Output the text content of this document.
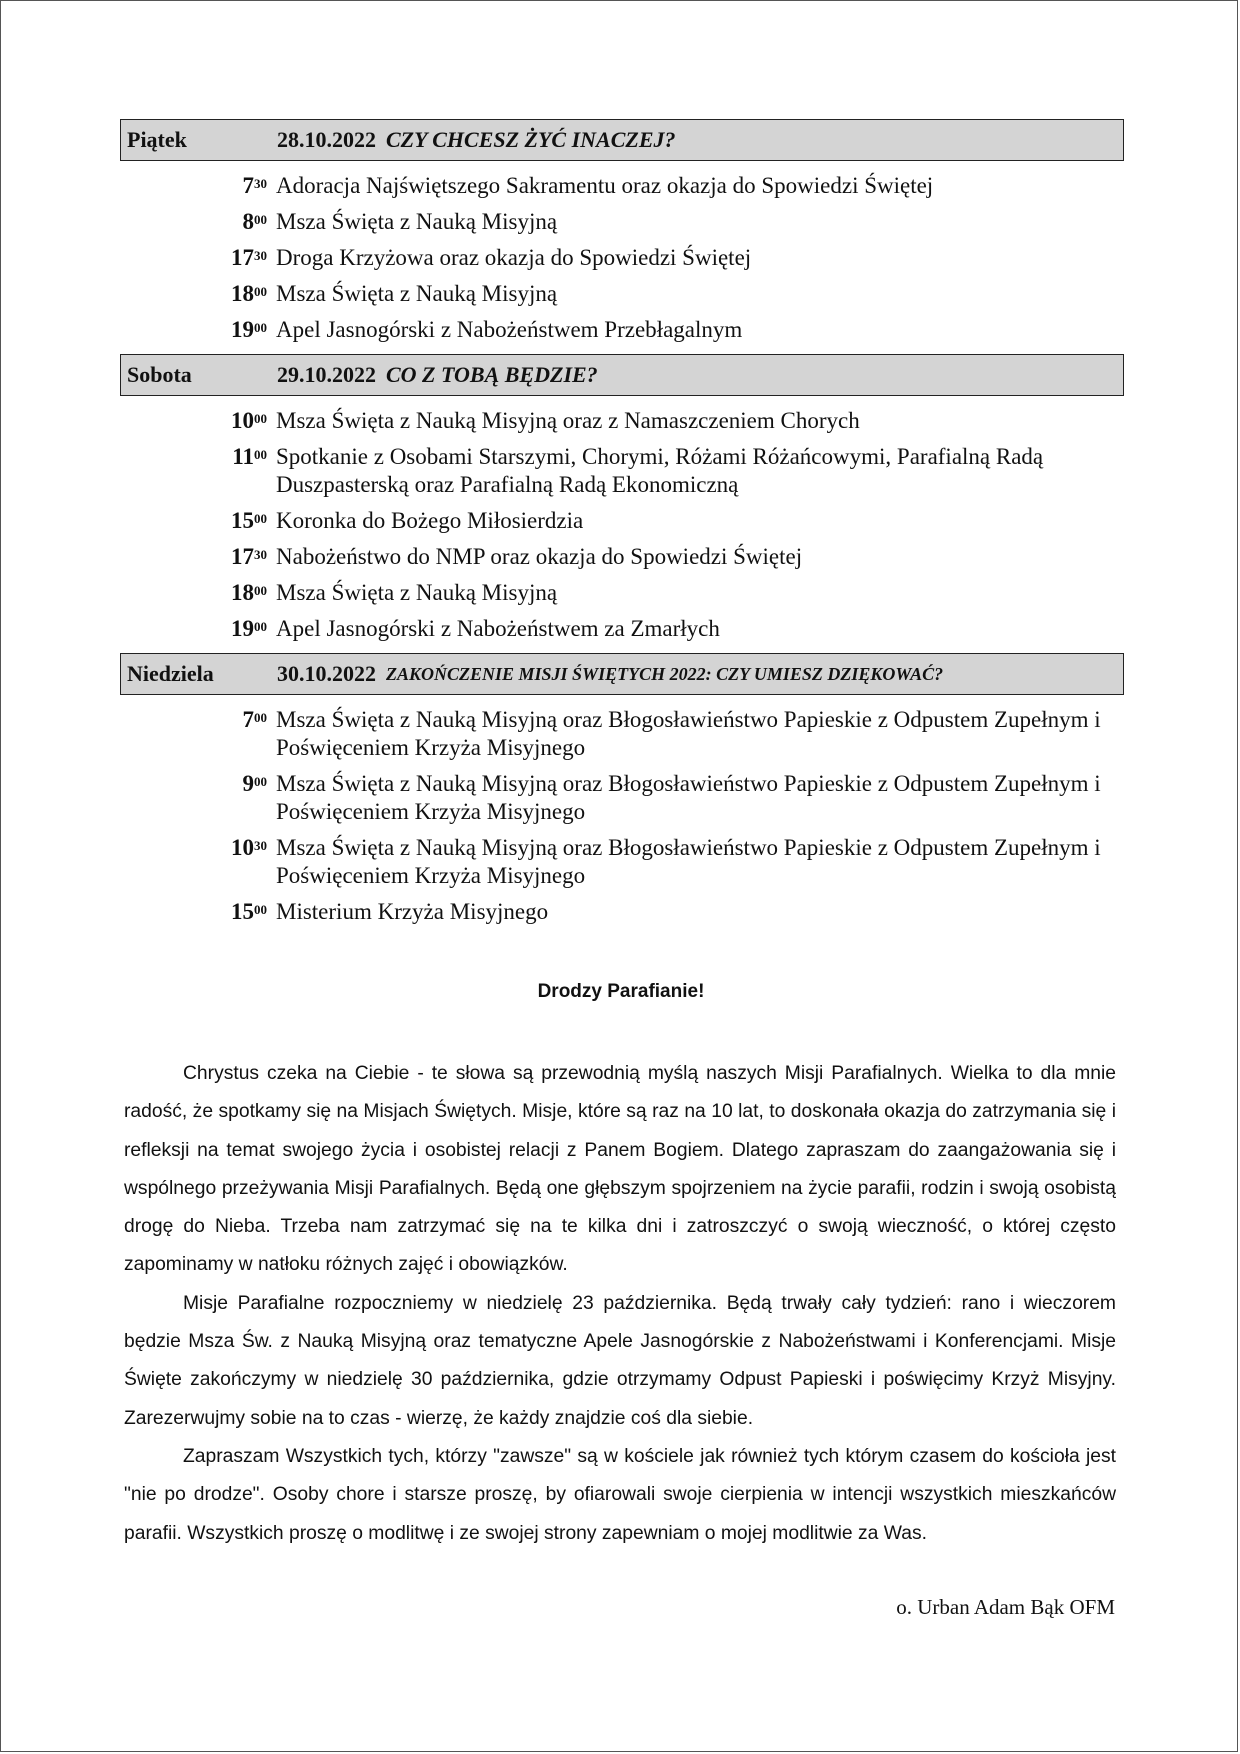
Piątek	28.10.2022 CZY CHCESZ ŻYĆ INACZEJ?
$7^{30}$ Adoracja Najświętszego Sakramentu oraz okazja do Spowiedzi Świętej
$8^{00}$ Msza Święta z Nauką Misyjną
$17^{30}$ Droga Krzyżowa oraz okazja do Spowiedzi Świętej
$18^{00}$ Msza Święta z Nauką Misyjną
$19^{00}$ Apel Jasnogórski z Nabożeństwem Przebłagalnym
Sobota	29.10.2022 CO Z TOBĄ BĘDZIE?
$10^{00}$ Msza Święta z Nauką Misyjną oraz z Namaszczeniem Chorych
$11^{00}$ Spotkanie z Osobami Starszymi, Chorymi, Różami Różańcowymi, Parafialną Radą Duszpasterską oraz Parafialną Radą Ekonomiczną
$15^{00}$ Koronka do Bożego Miłosierdzia
$17^{30}$ Nabożeństwo do NMP oraz okazja do Spowiedzi Świętej
$18^{00}$ Msza Święta z Nauką Misyjną
$19^{00}$ Apel Jasnogórski z Nabożeństwem za Zmarłych
Niedziela	30.10.2022 ZAKOŃCZENIE MISJI ŚWIĘTYCH 2022: CZY UMIESZ DZIĘKOWAĆ?
$7^{00}$ Msza Święta z Nauką Misyjną oraz Błogosławieństwo Papieskie z Odpustem Zupełnym i Poświęceniem Krzyża Misyjnego
$9^{00}$ Msza Święta z Nauką Misyjną oraz Błogosławieństwo Papieskie z Odpustem Zupełnym i Poświęceniem Krzyża Misyjnego
$10^{30}$ Msza Święta z Nauką Misyjną oraz Błogosławieństwo Papieskie z Odpustem Zupełnym i Poświęceniem Krzyża Misyjnego
$15^{00}$ Misterium Krzyża Misyjnego
Drodzy Parafianie!

Chrystus czeka na Ciebie - te słowa są przewodnią myślą naszych Misji Parafialnych. Wielka to dla mnie radość, że spotkamy się na Misjach Świętych. Misje, które są raz na 10 lat, to doskonała okazja do zatrzymania się i refleksji na temat swojego życia i osobistej relacji z Panem Bogiem. Dlatego zapraszam do zaangażowania się i wspólnego przeżywania Misji Parafialnych. Będą one głębszym spojrzeniem na życie parafii, rodzin i swoją osobistą drogę do Nieba. Trzeba nam zatrzymać się na te kilka dni i zatroszczyć o swoją wieczność, o której często zapominamy w natłoku różnych zajęć i obowiązków.

Misje Parafialne rozpoczniemy w niedzielę 23 października. Będą trwały cały tydzień: rano i wieczorem będzie Msza Św. z Nauką Misyjną oraz tematyczne Apele Jasnogórskie z Nabożeństwami i Konferencjami. Misje Święte zakończymy w niedzielę 30 października, gdzie otrzymamy Odpust Papieski i poświęcimy Krzyż Misyjny. Zarezerwujmy sobie na to czas - wierzę, że każdy znajdzie coś dla siebie.

Zapraszam Wszystkich tych, którzy "zawsze" są w kościele jak również tych którym czasem do kościoła jest "nie po drodze". Osoby chore i starsze proszę, by ofiarowali swoje cierpienia w intencji wszystkich mieszkańców parafii. Wszystkich proszę o modlitwę i ze swojej strony zapewniam o mojej modlitwie za Was.

o. Urban Adam Bąk OFM
